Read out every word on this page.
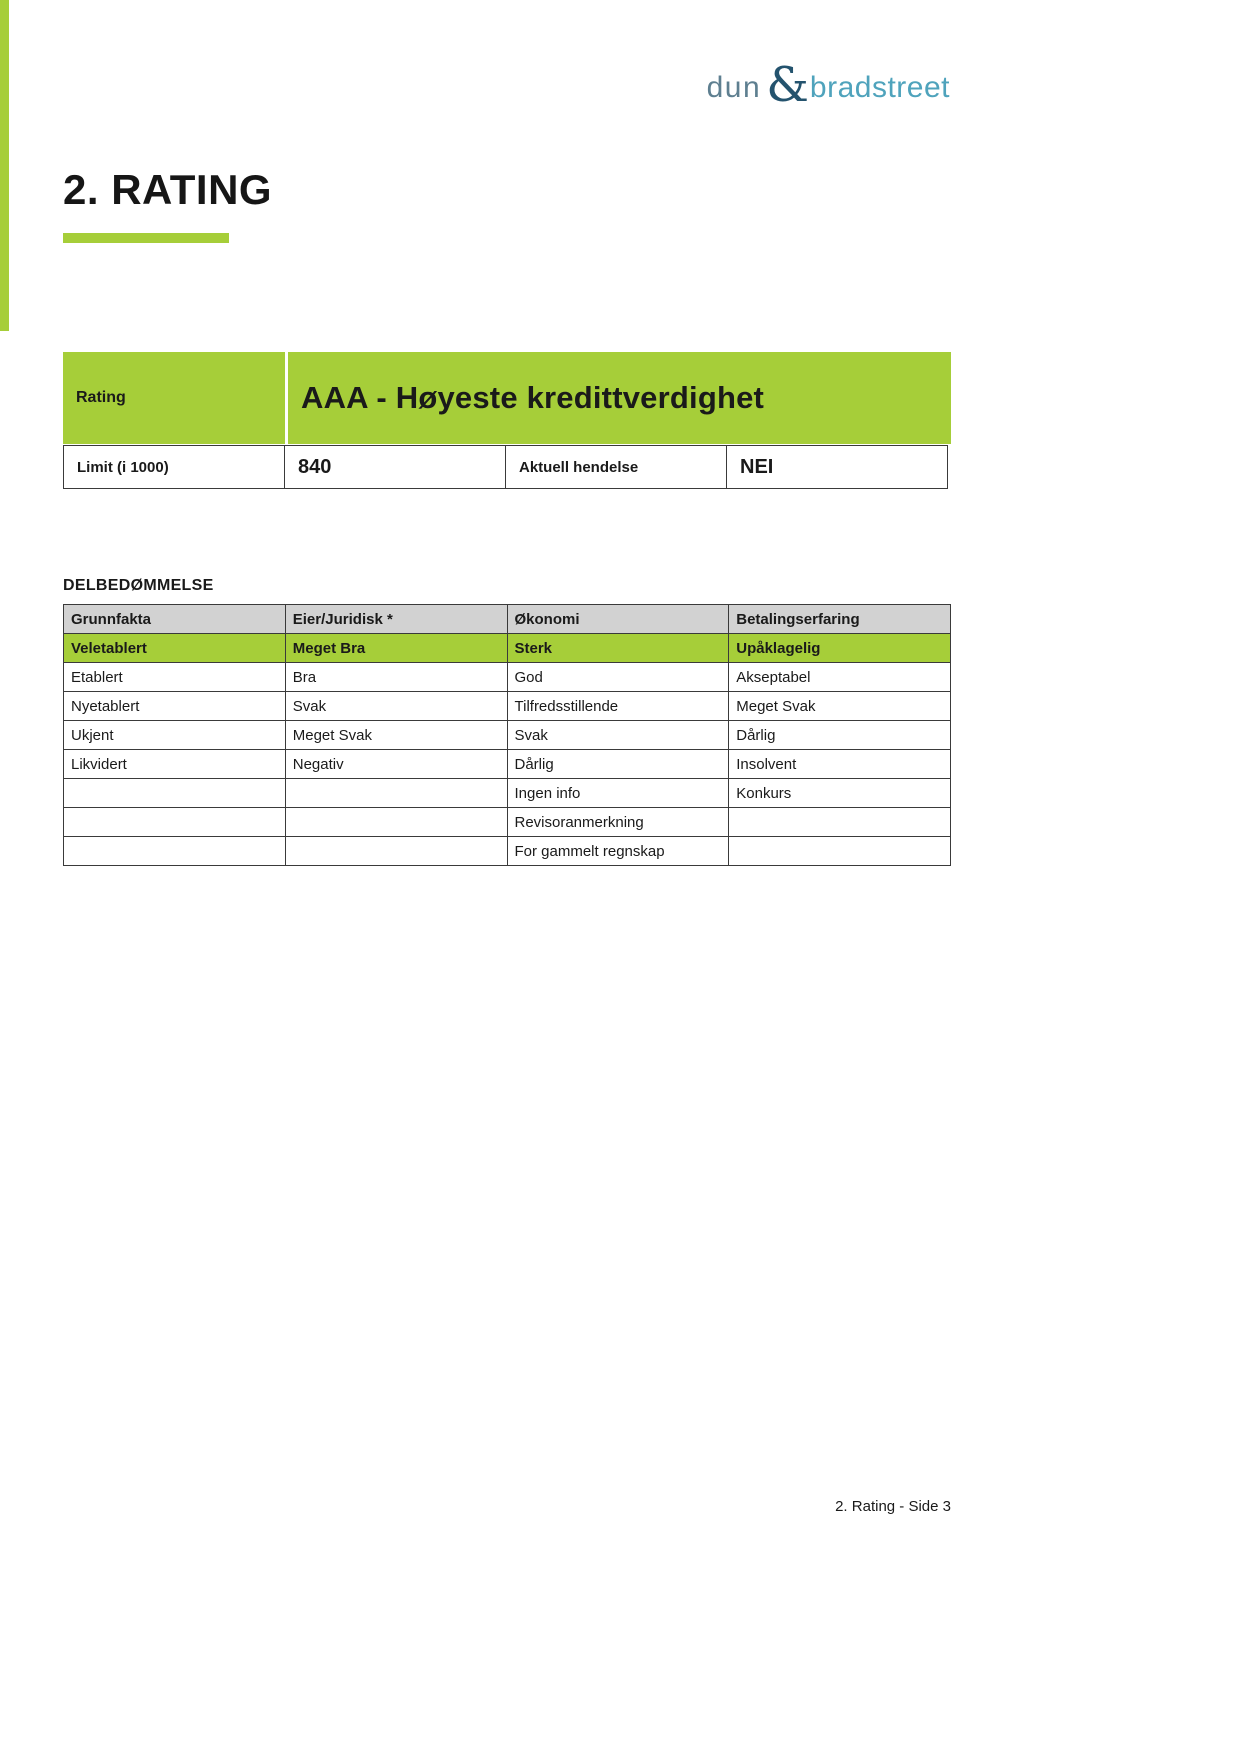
dun & bradstreet
2. RATING
Rating	AAA - Høyeste kredittverdighet
Limit (i 1000)	840	Aktuell hendelse	NEI
DELBEDØMMELSE
Grunnfakta	Eier/Juridisk *	Økonomi	Betalingserfaring
Veletablert	Meget Bra	Sterk	Upåklagelig
Etablert	Bra	God	Akseptabel
Nyetablert	Svak	Tilfredsstillende	Meget Svak
Ukjent	Meget Svak	Svak	Dårlig
Likvidert	Negativ	Dårlig	Insolvent
		Ingen info	Konkurs
		Revisoranmerkning	
		For gammelt regnskap	
2. Rating - Side 3
